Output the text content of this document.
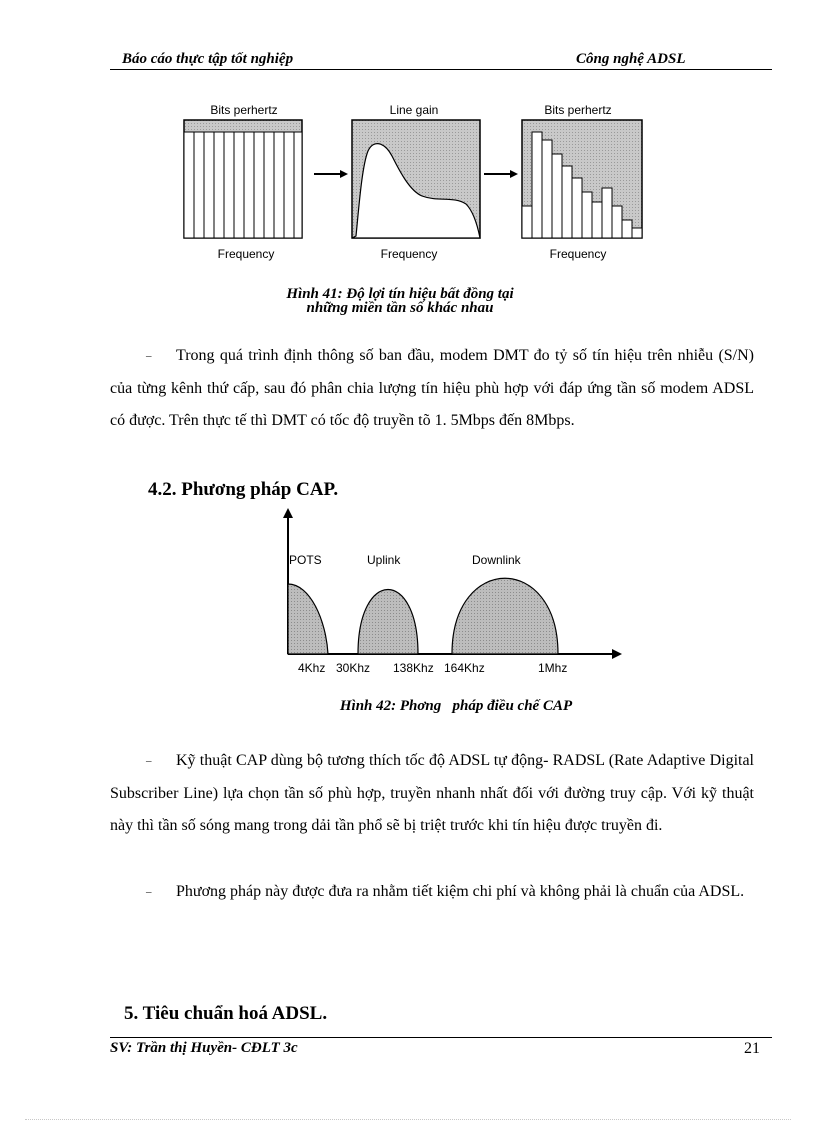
Báo cáo thực tập tốt nghiệp	Công nghệ ADSL
Bits perhertz
Frequency
Line gain
Frequency
Bits perhertz
Frequency
Hình 41: Độ lợi tín hiệu bất đồng tại
những miền tần số khác nhau
– Trong quá trình định thông số ban đầu, modem DMT đo tỷ số tín hiệu trên nhiễu (S/N) của từng kênh thứ cấp, sau đó phân chia lượng tín hiệu phù hợp với đáp ứng tần số modem ADSL có được. Trên thực tế thì DMT có tốc độ truyền tõ 1. 5Mbps đến 8Mbps.
4.2. Phương pháp CAP.
POTS	Uplink	Downlink
4Khz 30Khz 138Khz 164Khz	1Mhz
Hình 42: Phơng   pháp điều chế CAP
– Kỹ thuật CAP dùng bộ tương thích tốc độ ADSL tự động- RADSL (Rate Adaptive Digital Subscriber Line) lựa chọn tần số phù hợp, truyền nhanh nhất đối với đường truy cập. Với kỹ thuật này thì tần số sóng mang trong dải tần phổ sẽ bị triệt trước khi tín hiệu được truyền đi.
– Phương pháp này được đưa ra nhằm tiết kiệm chi phí và không phải là chuẩn của ADSL.
5. Tiêu chuẩn hoá ADSL.
SV: Trần thị Huyền- CĐLT 3c	21
